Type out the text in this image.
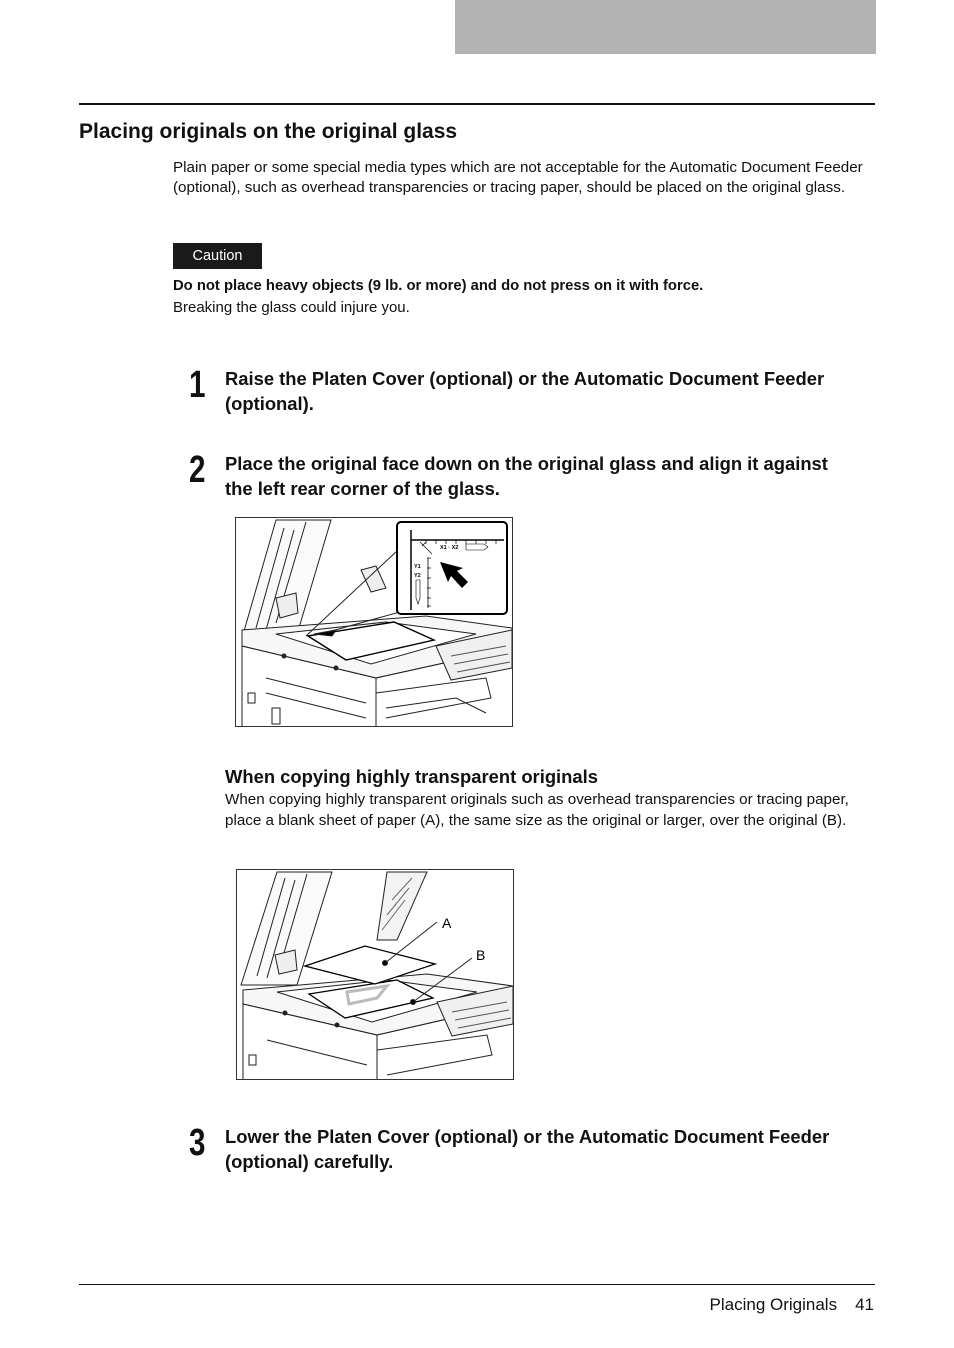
Placing originals on the original glass

Plain paper or some special media types which are not acceptable for the Automatic Document Feeder (optional), such as overhead transparencies or tracing paper, should be placed on the original glass.

Caution

Do not place heavy objects (9 lb. or more) and do not press on it with force.

Breaking the glass could injure you.

1 Raise the Platen Cover (optional) or the Automatic Document Feeder (optional).

2 Place the original face down on the original glass and align it against the left rear corner of the glass.

X1 · X2
Y1
Y2
When copying highly transparent originals

When copying highly transparent originals such as overhead transparencies or tracing paper, place a blank sheet of paper (A), the same size as the original or larger, over the original (B).

A
B
3 Lower the Platen Cover (optional) or the Automatic Document Feeder (optional) carefully.

Placing Originals 41
